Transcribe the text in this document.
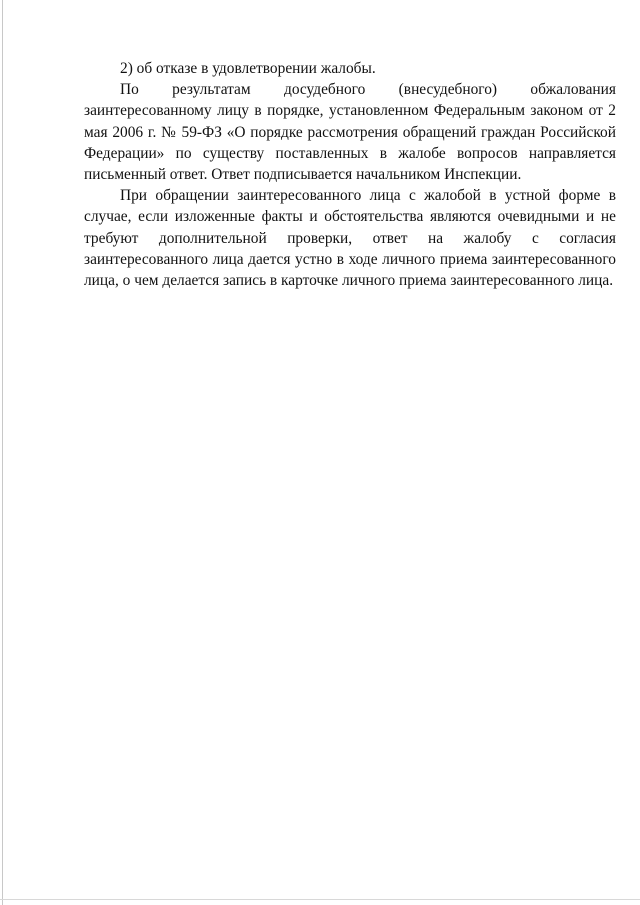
2) об отказе в удовлетворении жалобы.

По результатам досудебного (внесудебного) обжалования заинтересованному лицу в порядке, установленном Федеральным законом от 2 мая 2006 г. № 59-ФЗ «О порядке рассмотрения обращений граждан Российской Федерации» по существу поставленных в жалобе вопросов направляется письменный ответ. Ответ подписывается начальником Инспекции.

При обращении заинтересованного лица с жалобой в устной форме в случае, если изложенные факты и обстоятельства являются очевидными и не требуют дополнительной проверки, ответ на жалобу с согласия заинтересованного лица дается устно в ходе личного приема заинтересованного лица, о чем делается запись в карточке личного приема заинтересованного лица.
